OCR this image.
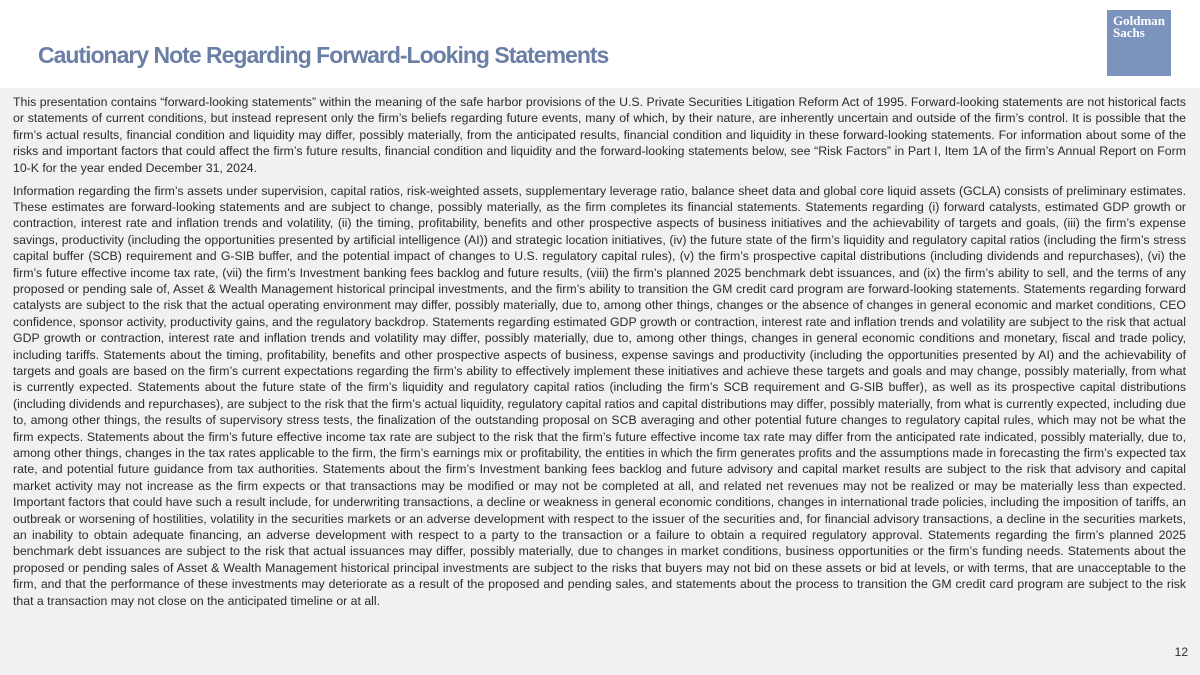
Cautionary Note Regarding Forward-Looking Statements
Goldman
Sachs

This presentation contains “forward-looking statements” within the meaning of the safe harbor provisions of the U.S. Private Securities Litigation Reform Act of 1995. Forward-looking statements are not historical facts or statements of current conditions, but instead represent only the firm’s beliefs regarding future events, many of which, by their nature, are inherently uncertain and outside of the firm’s control. It is possible that the firm’s actual results, financial condition and liquidity may differ, possibly materially, from the anticipated results, financial condition and liquidity in these forward-looking statements. For information about some of the risks and important factors that could affect the firm’s future results, financial condition and liquidity and the forward-looking statements below, see “Risk Factors” in Part I, Item 1A of the firm’s Annual Report on Form 10-K for the year ended December 31, 2024.

Information regarding the firm’s assets under supervision, capital ratios, risk-weighted assets, supplementary leverage ratio, balance sheet data and global core liquid assets (GCLA) consists of preliminary estimates. These estimates are forward-looking statements and are subject to change, possibly materially, as the firm completes its financial statements. Statements regarding (i) forward catalysts, estimated GDP growth or contraction, interest rate and inflation trends and volatility, (ii) the timing, profitability, benefits and other prospective aspects of business initiatives and the achievability of targets and goals, (iii) the firm’s expense savings, productivity (including the opportunities presented by artificial intelligence (AI)) and strategic location initiatives, (iv) the future state of the firm’s liquidity and regulatory capital ratios (including the firm’s stress capital buffer (SCB) requirement and G-SIB buffer, and the potential impact of changes to U.S. regulatory capital rules), (v) the firm’s prospective capital distributions (including dividends and repurchases), (vi) the firm’s future effective income tax rate, (vii) the firm’s Investment banking fees backlog and future results, (viii) the firm’s planned 2025 benchmark debt issuances, and (ix) the firm’s ability to sell, and the terms of any proposed or pending sale of, Asset & Wealth Management historical principal investments, and the firm’s ability to transition the GM credit card program are forward-looking statements. Statements regarding forward catalysts are subject to the risk that the actual operating environment may differ, possibly materially, due to, among other things, changes or the absence of changes in general economic and market conditions, CEO confidence, sponsor activity, productivity gains, and the regulatory backdrop. Statements regarding estimated GDP growth or contraction, interest rate and inflation trends and volatility are subject to the risk that actual GDP growth or contraction, interest rate and inflation trends and volatility may differ, possibly materially, due to, among other things, changes in general economic conditions and monetary, fiscal and trade policy, including tariffs. Statements about the timing, profitability, benefits and other prospective aspects of business, expense savings and productivity (including the opportunities presented by AI) and the achievability of targets and goals are based on the firm’s current expectations regarding the firm’s ability to effectively implement these initiatives and achieve these targets and goals and may change, possibly materially, from what is currently expected. Statements about the future state of the firm’s liquidity and regulatory capital ratios (including the firm’s SCB requirement and G-SIB buffer), as well as its prospective capital distributions (including dividends and repurchases), are subject to the risk that the firm’s actual liquidity, regulatory capital ratios and capital distributions may differ, possibly materially, from what is currently expected, including due to, among other things, the results of supervisory stress tests, the finalization of the outstanding proposal on SCB averaging and other potential future changes to regulatory capital rules, which may not be what the firm expects. Statements about the firm’s future effective income tax rate are subject to the risk that the firm’s future effective income tax rate may differ from the anticipated rate indicated, possibly materially, due to, among other things, changes in the tax rates applicable to the firm, the firm’s earnings mix or profitability, the entities in which the firm generates profits and the assumptions made in forecasting the firm’s expected tax rate, and potential future guidance from tax authorities. Statements about the firm’s Investment banking fees backlog and future advisory and capital market results are subject to the risk that advisory and capital market activity may not increase as the firm expects or that transactions may be modified or may not be completed at all, and related net revenues may not be realized or may be materially less than expected. Important factors that could have such a result include, for underwriting transactions, a decline or weakness in general economic conditions, changes in international trade policies, including the imposition of tariffs, an outbreak or worsening of hostilities, volatility in the securities markets or an adverse development with respect to the issuer of the securities and, for financial advisory transactions, a decline in the securities markets, an inability to obtain adequate financing, an adverse development with respect to a party to the transaction or a failure to obtain a required regulatory approval. Statements regarding the firm’s planned 2025 benchmark debt issuances are subject to the risk that actual issuances may differ, possibly materially, due to changes in market conditions, business opportunities or the firm’s funding needs. Statements about the proposed or pending sales of Asset & Wealth Management historical principal investments are subject to the risks that buyers may not bid on these assets or bid at levels, or with terms, that are unacceptable to the firm, and that the performance of these investments may deteriorate as a result of the proposed and pending sales, and statements about the process to transition the GM credit card program are subject to the risk that a transaction may not close on the anticipated timeline or at all.

12
